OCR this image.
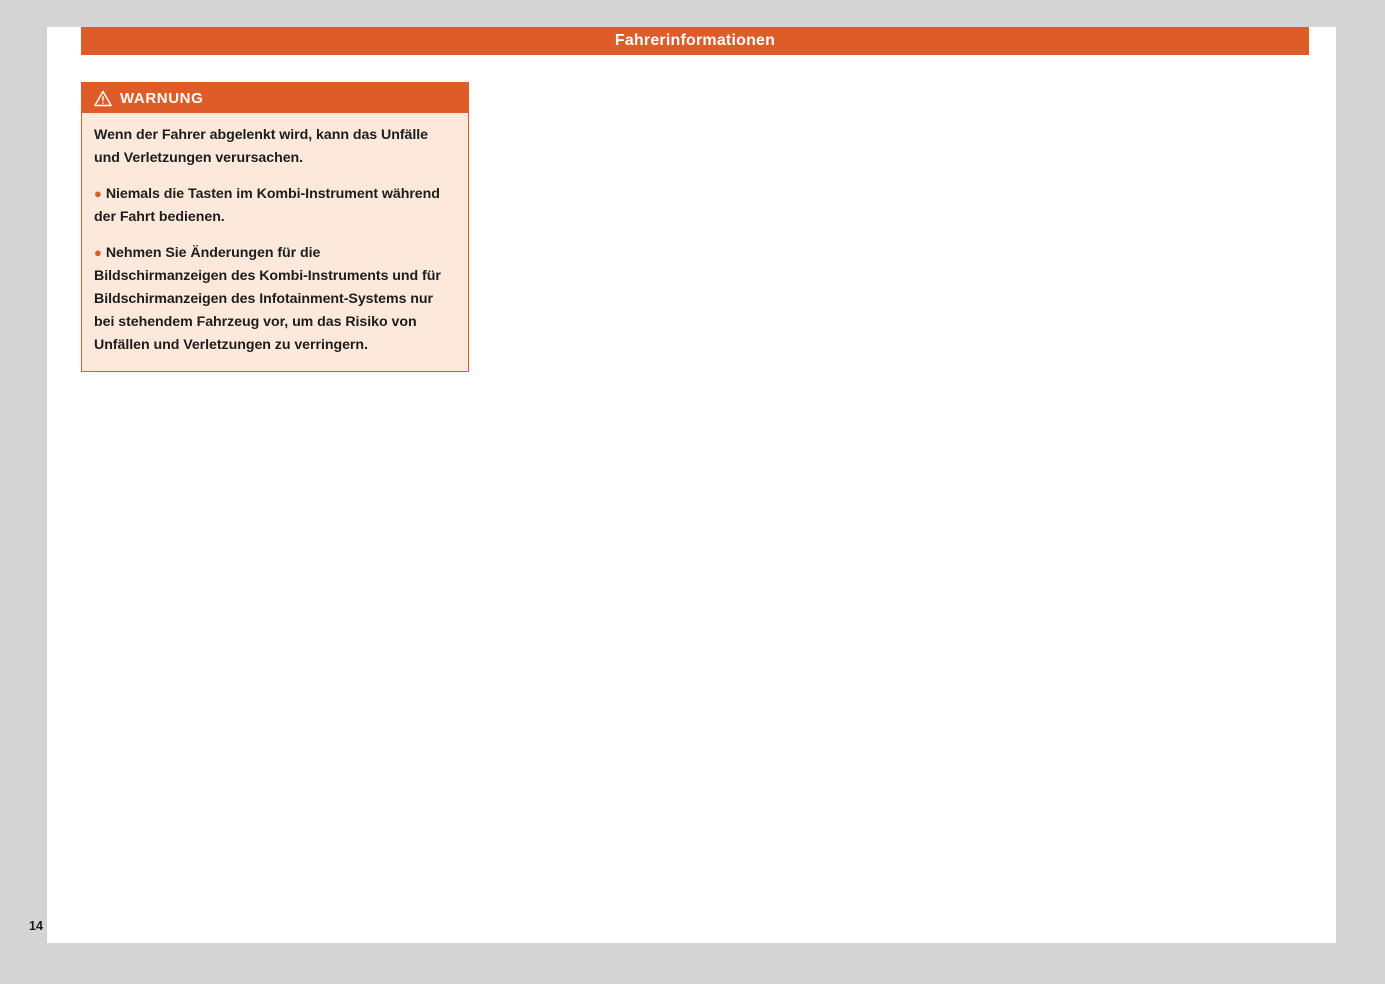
Fahrerinformationen
WARNUNG

Wenn der Fahrer abgelenkt wird, kann das Unfälle und Verletzungen verursachen.

● Niemals die Tasten im Kombi-Instrument während der Fahrt bedienen.
● Nehmen Sie Änderungen für die Bildschirmanzeigen des Kombi-Instruments und für Bildschirmanzeigen des Infotainment-Systems nur bei stehendem Fahrzeug vor, um das Risiko von Unfällen und Verletzungen zu verringern.
14
